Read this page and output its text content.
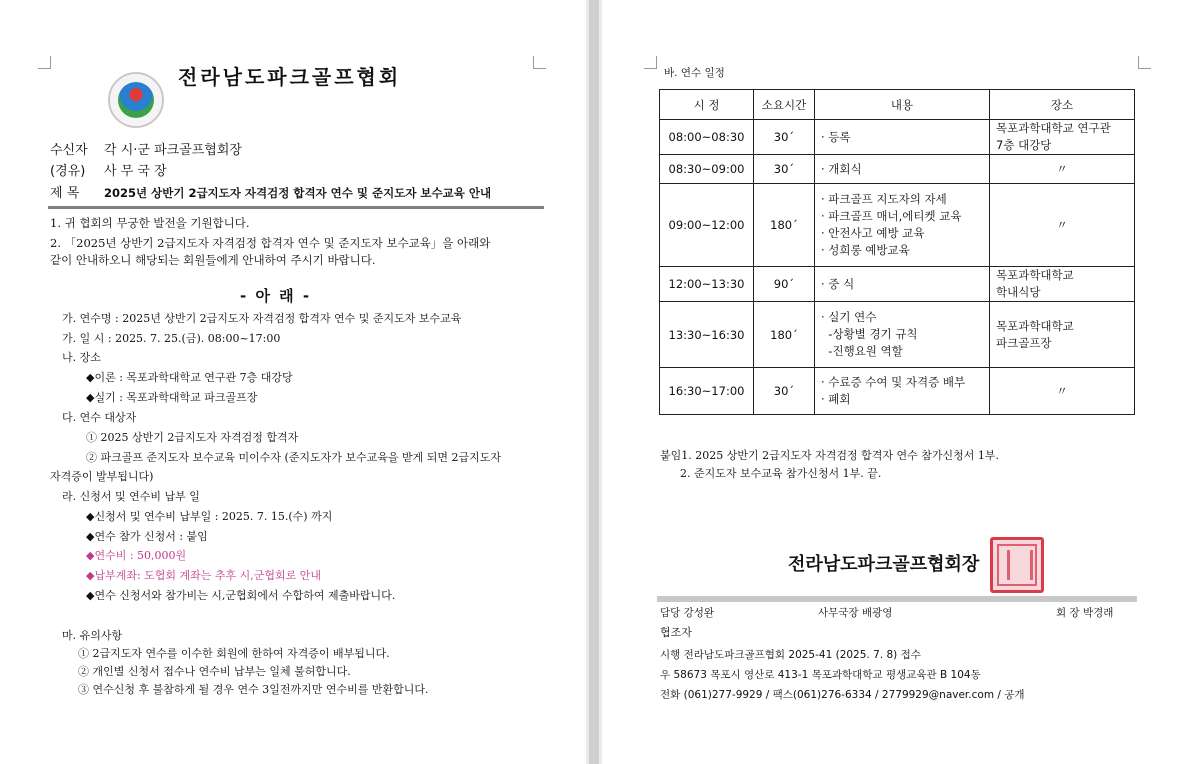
전라남도파크골프협회
수신자 각 시·군 파크골프협회장
(경유) 사 무 국 장
제 목 2025년 상반기 2급지도자 자격검정 합격자 연수 및 준지도자 보수교육 안내
1. 귀 협회의 무궁한 발전을 기원합니다.
2. 「2025년 상반기 2급지도자 자격검정 합격자 연수 및 준지도자 보수교육」을 아래와
같이 안내하오니 해당되는 회원들에게 안내하여 주시기 바랍니다.
- 아 래 -
가. 연수명 : 2025년 상반기 2급지도자 자격검정 합격자 연수 및 준지도자 보수교육
가. 일 시 : 2025. 7. 25.(금). 08:00~17:00
나. 장소
◆이론 : 목포과학대학교 연구관 7층 대강당
◆실기 : 목포과학대학교 파크골프장
다. 연수 대상자
① 2025 상반기 2급지도자 자격검정 합격자
② 파크골프 준지도자 보수교육 미이수자 (준지도자가 보수교육을 받게 되면 2급지도자
자격증이 발부됩니다)
라. 신청서 및 연수비 납부 일
◆신청서 및 연수비 납부일 : 2025. 7. 15.(수) 까지
◆연수 참가 신청서 : 붙임
◆연수비 : 50,000원
◆납부계좌: 도협회 계좌는 추후 시,군협회로 안내
◆연수 신청서와 참가비는 시,군협회에서 수합하여 제출바랍니다.
마. 유의사항
① 2급지도자 연수를 이수한 회원에 한하여 자격증이 배부됩니다.
② 개인별 신청서 접수나 연수비 납부는 일체 불허합니다.
③ 연수신청 후 불참하게 될 경우 연수 3일전까지만 연수비를 반환합니다.
바. 연수 일정
시 정	소요시간	내용	장소
08:00~08:30	30´	· 등록	목포과학대학교 연구관
7층 대강당

08:30~09:00	30´	· 개회식	〃

09:00~12:00	180´	· 파크골프 지도자의 자세
· 파크골프 매너,에티켓 교육
· 안전사고 예방 교육
· 성희롱 예방교육	〃

12:00~13:30	90´	· 중 식	목포과학대학교
학내식당

13:30~16:30	180´	· 실기 연수
-상황별 경기 규칙
-진행요원 역할	목포과학대학교
파크골프장

16:30~17:00	30´	· 수료증 수여 및 자격증 배부
· 폐회	〃
붙임1. 2025 상반기 2급지도자 자격검정 합격자 연수 참가신청서 1부.
2. 준지도자 보수교육 참가신청서 1부. 끝.
전라남도파크골프협회장
담당 강성완	사무국장 배광영	회 장 박경래
협조자
시행 전라남도파크골프협회 2025-41 (2025. 7. 8) 접수
우 58673 목포시 영산로 413-1 목포과학대학교 평생교육관 B 104동
전화 (061)277-9929 / 팩스(061)276-6334 / 2779929@naver.com / 공개
